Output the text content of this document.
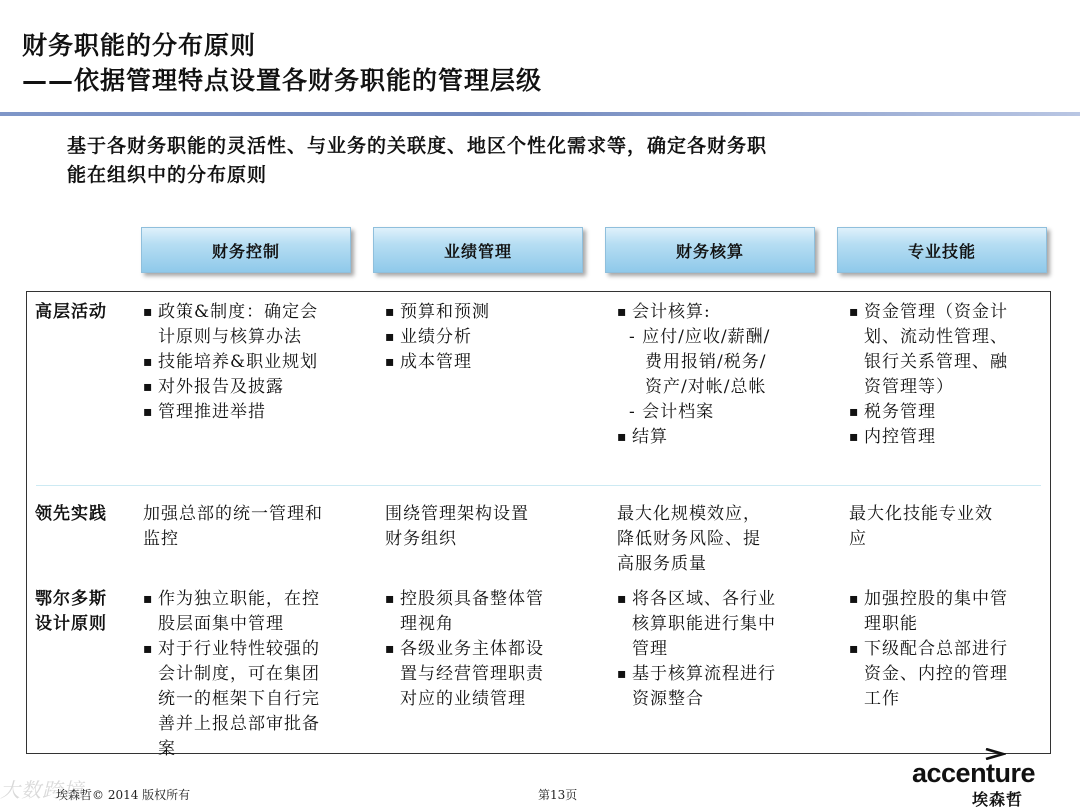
财务职能的分布原则
——依据管理特点设置各财务职能的管理层级
基于各财务职能的灵活性、与业务的关联度、地区个性化需求等，确定各财务职
能在组织中的分布原则
财务控制	业绩管理	财务核算	专业技能
高层活动
▪	政策&制度：确定会
计原则与核算办法
▪ 技能培养&职业规划
▪ 对外报告及披露
▪ 管理推进举措
▪ 预算和预测
▪ 业绩分析
▪ 成本管理
▪ 会计核算:
- 应付/应收/薪酬/
费用报销/税务/
资产/对帐/总帐
- 会计档案
▪ 结算
▪ 资金管理（资金计
划、流动性管理、
银行关系管理、融
资管理等）
▪ 税务管理
▪ 内控管理
领先实践 加强总部的统一管理和
监控
围绕管理架构设置
财务组织
最大化规模效应，
降低财务风险、提
高服务质量
最大化技能专业效
应
鄂尔多斯
设计原则
▪ 作为独立职能，在控
股层面集中管理
▪ 对于行业特性较强的
会计制度，可在集团
统一的框架下自行完
善并上报总部审批备
案
▪ 控股须具备整体管
理视角
▪ 各级业务主体都设
置与经营管理职责
对应的业绩管理
▪ 将各区域、各行业
核算职能进行集中
管理
▪ 基于核算流程进行
资源整合
▪ 加强控股的集中管
理职能
▪ 下级配合总部进行
资金、内控的管理
工作
大数跨境
埃森哲© 2014 版权所有	第13页
accenture
埃森哲
